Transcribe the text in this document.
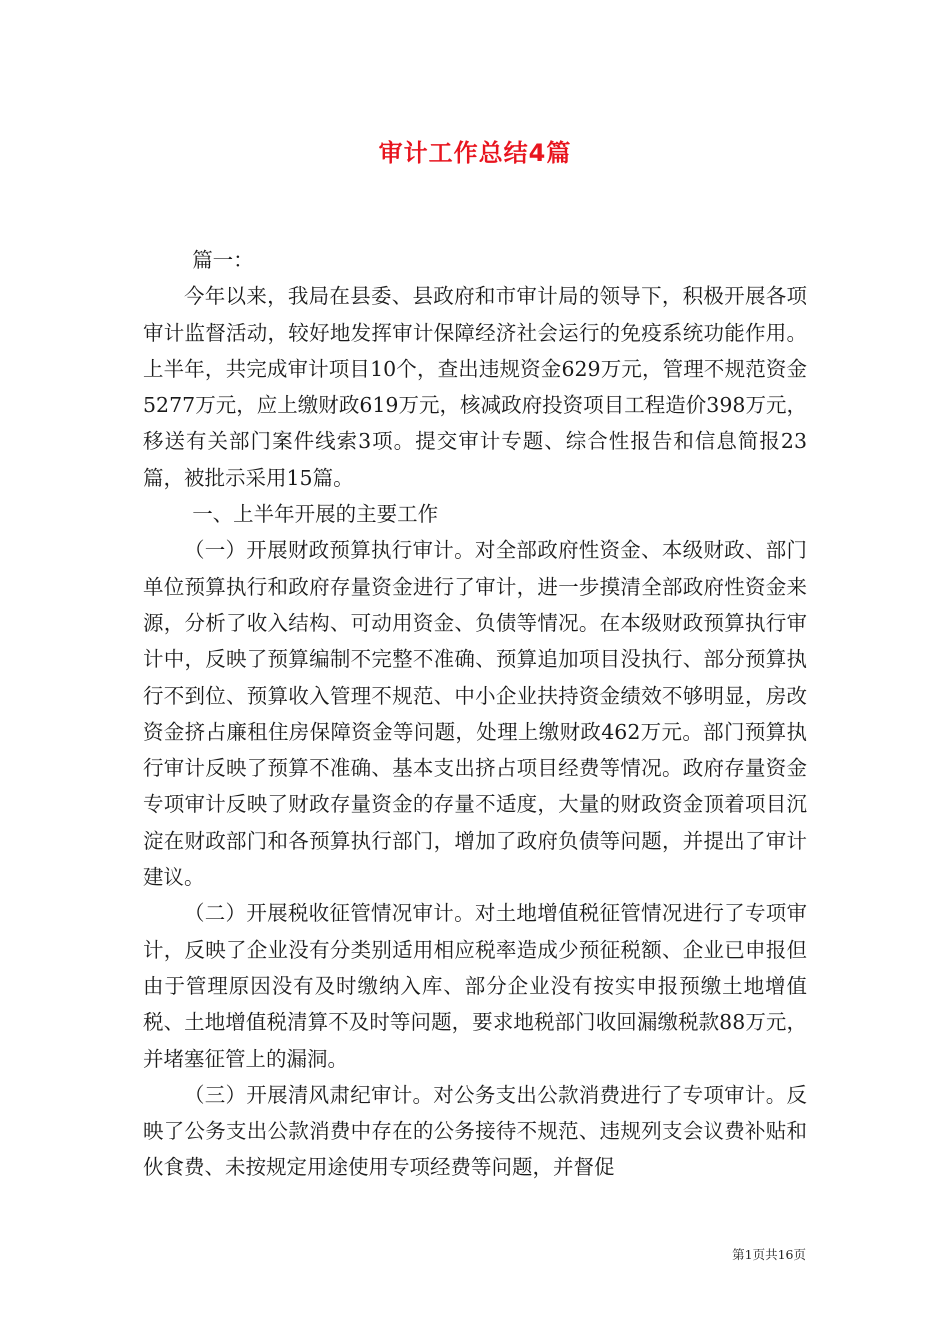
审计工作总结4篇

篇一：

今年以来，我局在县委、县政府和市审计局的领导下，积极开展各项审计监督活动，较好地发挥审计保障经济社会运行的免疫系统功能作用。上半年，共完成审计项目10个，查出违规资金629万元，管理不规范资金5277万元，应上缴财政619万元，核减政府投资项目工程造价398万元，移送有关部门案件线索3项。提交审计专题、综合性报告和信息简报23篇，被批示采用15篇。

一、上半年开展的主要工作

（一）开展财政预算执行审计。对全部政府性资金、本级财政、部门单位预算执行和政府存量资金进行了审计，进一步摸清全部政府性资金来源，分析了收入结构、可动用资金、负债等情况。在本级财政预算执行审计中，反映了预算编制不完整不准确、预算追加项目没执行、部分预算执行不到位、预算收入管理不规范、中小企业扶持资金绩效不够明显，房改资金挤占廉租住房保障资金等问题，处理上缴财政462万元。部门预算执行审计反映了预算不准确、基本支出挤占项目经费等情况。政府存量资金专项审计反映了财政存量资金的存量不适度，大量的财政资金顶着项目沉淀在财政部门和各预算执行部门，增加了政府负债等问题，并提出了审计建议。

（二）开展税收征管情况审计。对土地增值税征管情况进行了专项审计，反映了企业没有分类别适用相应税率造成少预征税额、企业已申报但由于管理原因没有及时缴纳入库、部分企业没有按实申报预缴土地增值税、土地增值税清算不及时等问题，要求地税部门收回漏缴税款88万元，并堵塞征管上的漏洞。

（三）开展清风肃纪审计。对公务支出公款消费进行了专项审计。反映了公务支出公款消费中存在的公务接待不规范、违规列支会议费补贴和伙食费、未按规定用途使用专项经费等问题，并督促

第1页共16页
